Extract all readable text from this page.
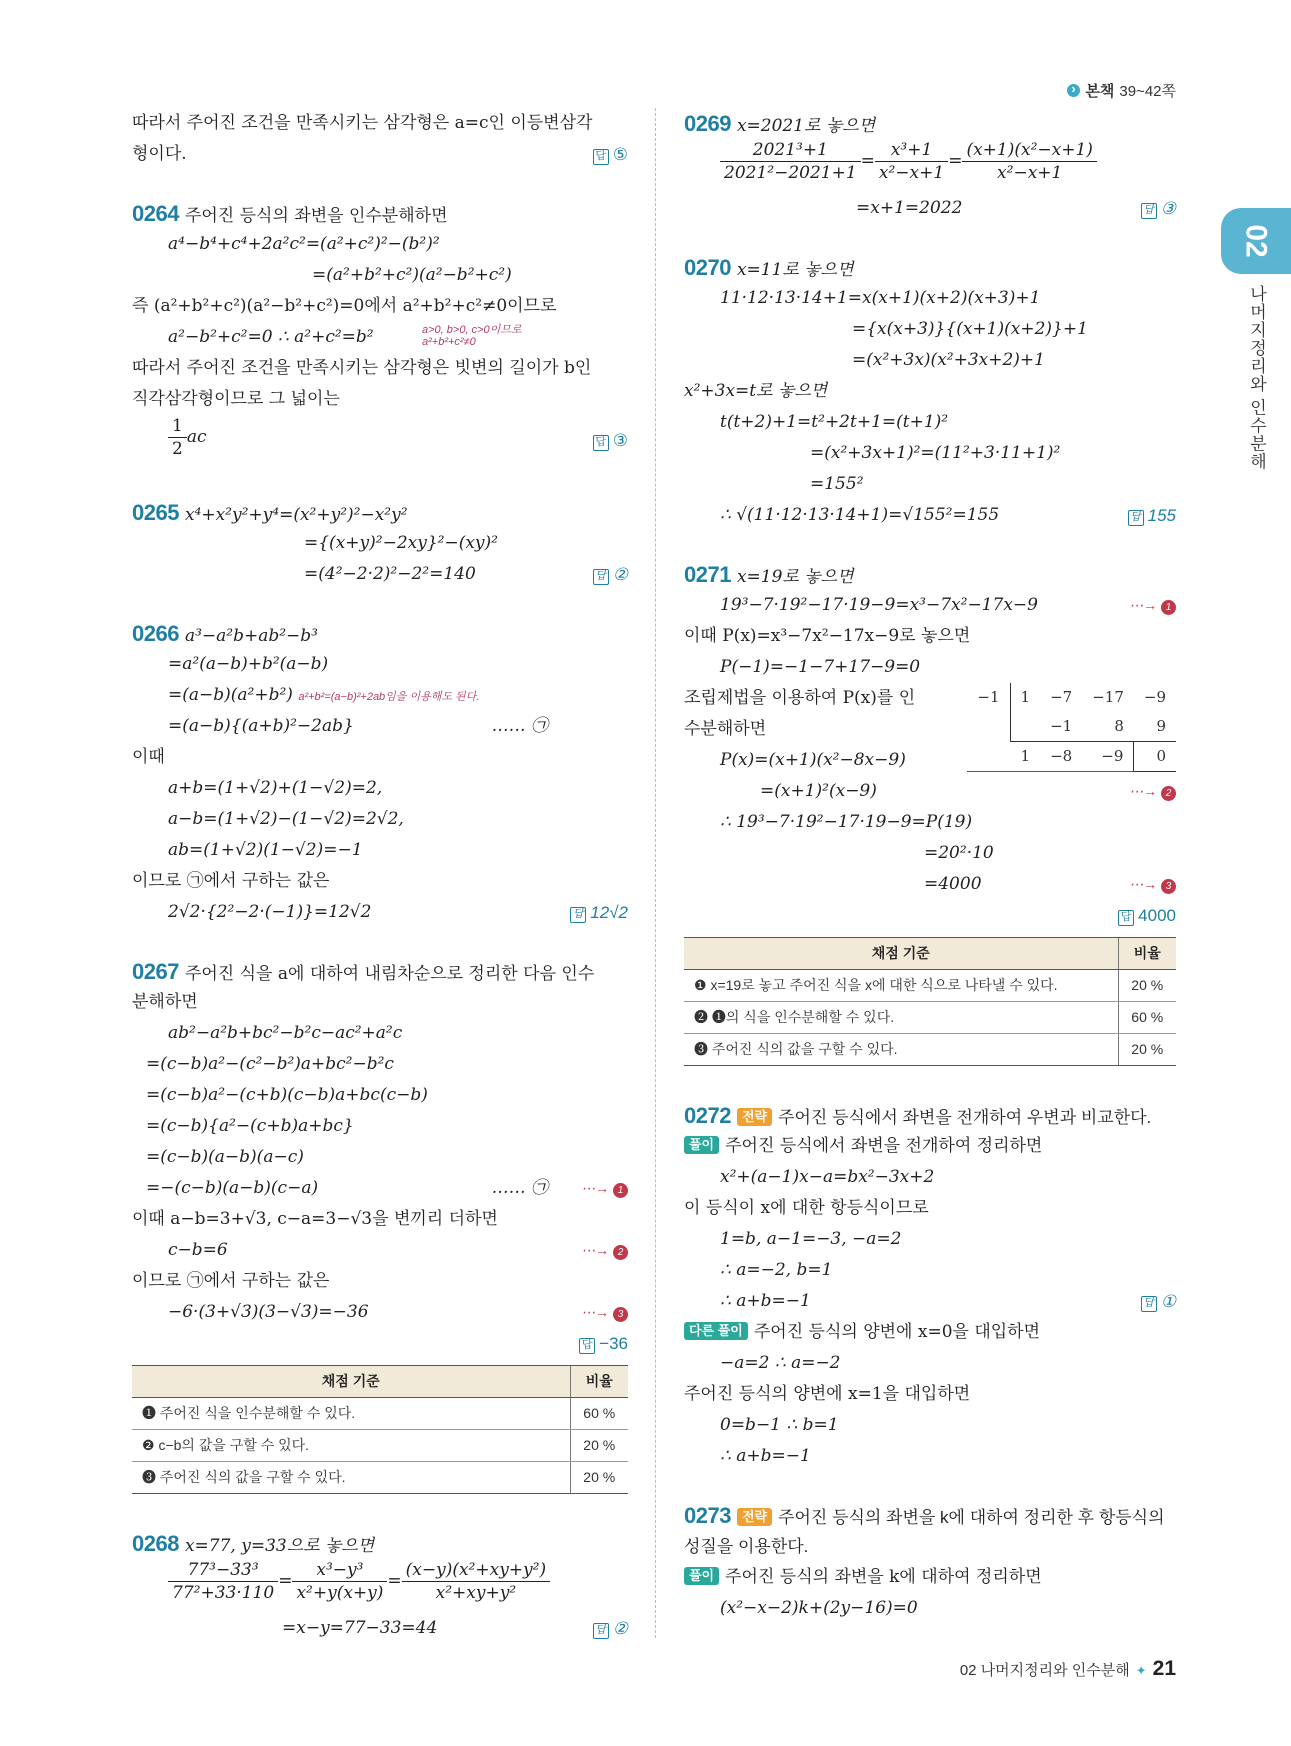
›
본책 39~42쪽
02
나머지정리와 인수분해
따라서 주어진 조건을 만족시키는 삼각형은 a=c인 이등변삼각
형이다.	답 ⑤
0264 주어진 등식의 좌변을 인수분해하면
a⁴−b⁴+c⁴+2a²c²=(a²+c²)²−(b²)²
=(a²+b²+c²)(a²−b²+c²)
즉 (a²+b²+c²)(a²−b²+c²)=0에서 a²+b²+c²≠0이므로
a²−b²+c²=0 ∴ a²+c²=b²	a>0, b>0, c>0이므로 a²+b²+c²≠0
따라서 주어진 조건을 만족시키는 삼각형은 빗변의 길이가 b인
직각삼각형이므로 그 넓이는
$\frac{1}{2}$ ac	답 ③
0265 x⁴+x²y²+y⁴=(x²+y²)²−x²y²
={(x+y)²−2xy}²−(xy)²
=(4²−2·2)²−2²=140	답 ②
0266 a³−a²b+ab²−b³
=a²(a−b)+b²(a−b)
=(a−b)(a²+b²) a²+b²=(a−b)²+2ab임을 이용해도 된다.
=(a−b){(a+b)²−2ab}	…… ㉠
이때
a+b=(1+√2)+(1−√2)=2,
a−b=(1+√2)−(1−√2)=2√2,
ab=(1+√2)(1−√2)=−1
이므로 ㉠에서 구하는 값은
2√2·{2²−2·(−1)}=12√2	답 12√2
0267 주어진 식을 a에 대하여 내림차순으로 정리한 다음 인수
분해하면
ab²−a²b+bc²−b²c−ac²+a²c
=(c−b)a²−(c²−b²)a+bc²−b²c
=(c−b)a²−(c+b)(c−b)a+bc(c−b)
=(c−b){a²−(c+b)a+bc}
=(c−b)(a−b)(a−c)
=−(c−b)(a−b)(c−a)	…… ㉠ ⋯→ 1
이때 a−b=3+√3, c−a=3−√3을 변끼리 더하면
c−b=6	⋯→ 2
이므로 ㉠에서 구하는 값은
−6·(3+√3)(3−√3)=−36	⋯→ 3
답 −36
채점 기준	비율
❶ 주어진 식을 인수분해할 수 있다.	60 %
❷ c−b의 값을 구할 수 있다.	20 %
❸ 주어진 식의 값을 구할 수 있다.	20 %
0268 x=77, y=33으로 놓으면
$\frac{\text{77³−33³}}{\text{77²+33·110}} = \frac{\text{x³−y³}}{\text{x²+y(x+y)}} = \frac{\text{(x−y)(x²+xy+y²)}}{\text{x²+xy+y²}}$
=x−y=77−33=44	답 ②
0269 x=2021로 놓으면
$\frac{\text{2021³+1}}{\text{2021²−2021+1}} = \frac{\text{x³+1}}{\text{x²−x+1}} = \frac{\text{(x+1)(x²−x+1)}}{\text{x²−x+1}}$
=x+1=2022	답 ③
0270 x=11로 놓으면
11·12·13·14+1=x(x+1)(x+2)(x+3)+1
={x(x+3)}{(x+1)(x+2)}+1
=(x²+3x)(x²+3x+2)+1
x²+3x=t로 놓으면
t(t+2)+1=t²+2t+1=(t+1)²
=(x²+3x+1)²=(11²+3·11+1)²
=155²
∴ √(11·12·13·14+1)=√155²=155	답 155
0271 x=19로 놓으면
19³−7·19²−17·19−9=x³−7x²−17x−9	⋯→ 1
이때 P(x)=x³−7x²−17x−9로 놓으면
P(−1)=−1−7+17−9=0
조립제법을 이용하여 P(x)를 인
수분해하면
P(x)=(x+1)(x²−8x−9)
−1	1	−7	−17	−9
		−1	8	9
	1	−8	−9	0
=(x+1)²(x−9)	⋯→ 2
∴ 19³−7·19²−17·19−9=P(19)
=20²·10
=4000	⋯→ 3
답 4000
채점 기준	비율
❶ x=19로 놓고 주어진 식을 x에 대한 식으로 나타낼 수 있다.	20 %
❷ ❶의 식을 인수분해할 수 있다.	60 %
❸ 주어진 식의 값을 구할 수 있다.	20 %
0272 전략 주어진 등식에서 좌변을 전개하여 우변과 비교한다.
풀이 주어진 등식에서 좌변을 전개하여 정리하면
x²+(a−1)x−a=bx²−3x+2
이 등식이 x에 대한 항등식이므로
1=b, a−1=−3, −a=2
∴ a=−2, b=1
∴ a+b=−1	답 ①
다른 풀이 주어진 등식의 양변에 x=0을 대입하면
−a=2 ∴ a=−2
주어진 등식의 양변에 x=1을 대입하면
0=b−1 ∴ b=1
∴ a+b=−1
0273 전략 주어진 등식의 좌변을 k에 대하여 정리한 후 항등식의
성질을 이용한다.
풀이 주어진 등식의 좌변을 k에 대하여 정리하면
(x²−x−2)k+(2y−16)=0
02 나머지정리와 인수분해 ✦ 21
